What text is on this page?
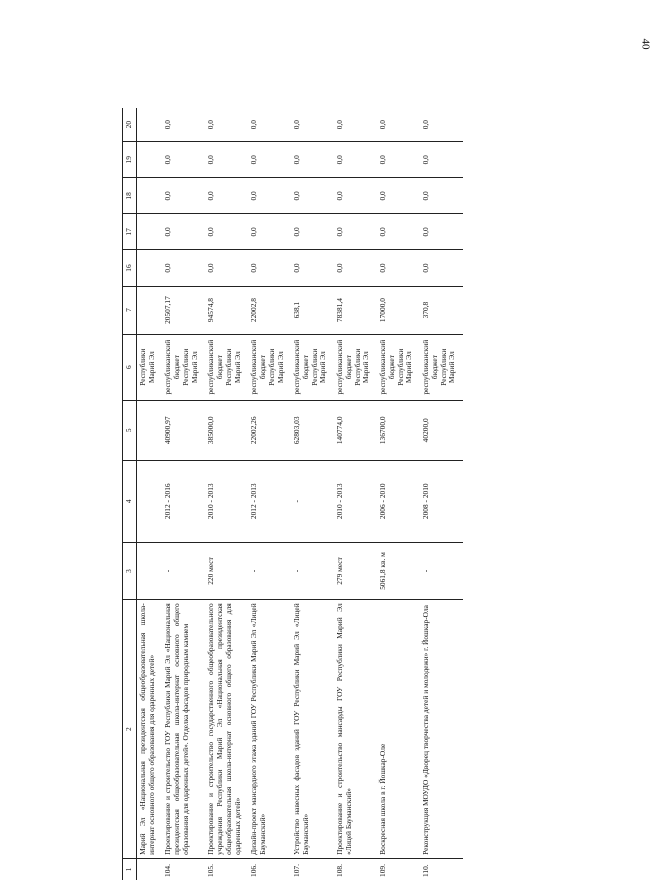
40
1	2	3	4	5	6	7	16	17	18	19	20
	Марий Эл «Национальная президентская общеобразовательная школа-интернат основного общего образования для одаренных детей»				Республики Марий Эл						
104.	Проектирование и строительство ГОУ Республики Марий Эл «Национальная президентская общеобразовательная школа-интернат основного общего образования для одаренных детей». Отделка фасадов природным камнем	-	2012 - 2016	40900,97	республиканский бюджет Республики Марий Эл	20507,17	0,0	0,0	0,0	0,0	0,0
105.	Проектирование и строительство государственного общеобразовательного учреждения Республики Марий Эл «Национальная президентская общеобразовательная школа-интернат основного общего образования для одаренных детей»	220 мест	2010 - 2013	385000,0	республиканский бюджет Республики Марий Эл	94574,8	0,0	0,0	0,0	0,0	0,0
106.	Дизайн-проект мансардного этажа зданий ГОУ Республики Марий Эл «Лицей Бауманский»	-	2012 - 2013	22002,26	республиканский бюджет Республики Марий Эл	22002,8	0,0	0,0	0,0	0,0	0,0
107.	Устройство навесных фасадов зданий ГОУ Республики Марий Эл «Лицей Бауманский»	-	-	62803,03	республиканский бюджет Республики Марий Эл	638,1	0,0	0,0	0,0	0,0	0,0
108.	Проектирование и строительство мансарды ГОУ Республики Марий Эл «Лицей Бауманский»	279 мест	2010 - 2013	140774,0	республиканский бюджет Республики Марий Эл	78381,4	0,0	0,0	0,0	0,0	0,0
109.	Воскресная школа в г. Йошкар-Оле	5061,8 кв. м	2006 - 2010	136700,0	республиканский бюджет Республики Марий Эл	17000,0	0,0	0,0	0,0	0,0	0,0
110.	Реконструкция МОУДО «Дворец творчества детей и молодежи» г. Йошкар-Ола	-	2008 - 2010	40200,0	республиканский бюджет Республики Марий Эл	370,8	0,0	0,0	0,0	0,0	0,0
